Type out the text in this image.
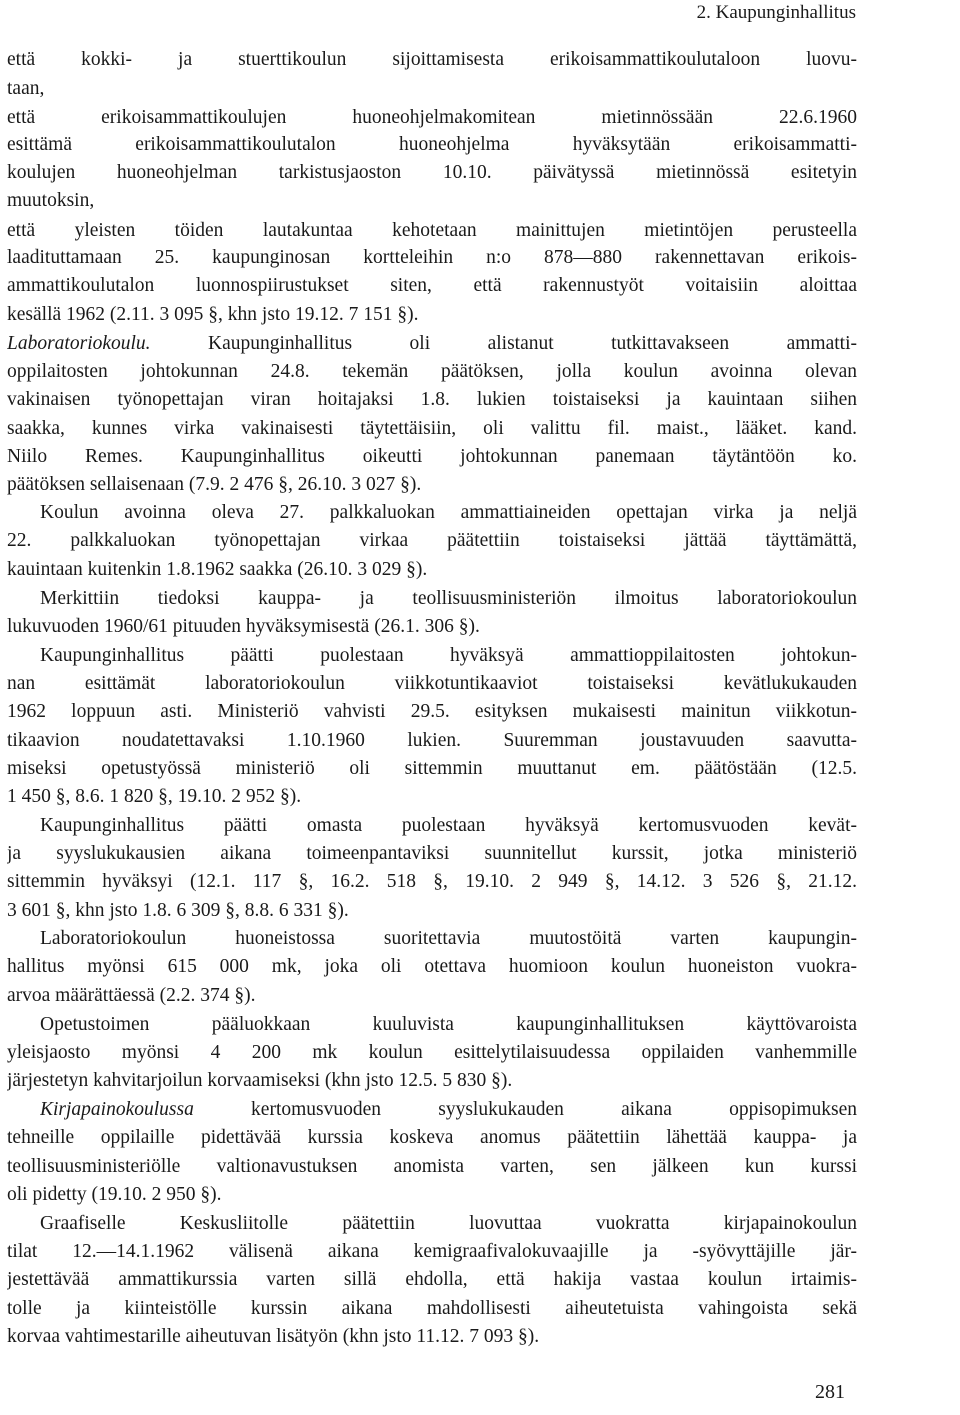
2. Kaupunginhallitus
että kokki- ja stuerttikoulun sijoittamisesta erikoisammattikoulutaloon luovu-
taan,
että erikoisammattikoulujen huoneohjelmakomitean mietinnössään 22.6.1960
esittämä erikoisammattikoulutalon huoneohjelma hyväksytään erikoisammatti-
koulujen huoneohjelman tarkistusjaoston 10.10. päivätyssä mietinnössä esitetyin
muutoksin,
että yleisten töiden lautakuntaa kehotetaan mainittujen mietintöjen perusteella
laadituttamaan 25. kaupunginosan kortteleihin n:o 878—880 rakennettavan erikois-
ammattikoulutalon luonnospiirustukset siten, että rakennustyöt voitaisiin aloittaa
kesällä 1962 (2.11. 3 095 §, khn jsto 19.12. 7 151 §).
Laboratoriokoulu. Kaupunginhallitus oli alistanut tutkittavakseen ammatti-
oppilaitosten johtokunnan 24.8. tekemän päätöksen, jolla koulun avoinna olevan
vakinaisen työnopettajan viran hoitajaksi 1.8. lukien toistaiseksi ja kauintaan siihen
saakka, kunnes virka vakinaisesti täytettäisiin, oli valittu fil. maist., lääket. kand.
Niilo Remes. Kaupunginhallitus oikeutti johtokunnan panemaan täytäntöön ko.
päätöksen sellaisenaan (7.9. 2 476 §, 26.10. 3 027 §).
Koulun avoinna oleva 27. palkkaluokan ammattiaineiden opettajan virka ja neljä
22. palkkaluokan työnopettajan virkaa päätettiin toistaiseksi jättää täyttämättä,
kauintaan kuitenkin 1.8.1962 saakka (26.10. 3 029 §).
Merkittiin tiedoksi kauppa- ja teollisuusministeriön ilmoitus laboratoriokoulun
lukuvuoden 1960/61 pituuden hyväksymisestä (26.1. 306 §).
Kaupunginhallitus päätti puolestaan hyväksyä ammattioppilaitosten johtokun-
nan esittämät laboratoriokoulun viikkotuntikaaviot toistaiseksi kevätlukukauden
1962 loppuun asti. Ministeriö vahvisti 29.5. esityksen mukaisesti mainitun viikkotun-
tikaavion noudatettavaksi 1.10.1960 lukien. Suuremman joustavuuden saavutta-
miseksi opetustyössä ministeriö oli sittemmin muuttanut em. päätöstään (12.5.
1 450 §, 8.6. 1 820 §, 19.10. 2 952 §).
Kaupunginhallitus päätti omasta puolestaan hyväksyä kertomusvuoden kevät-
ja syyslukukausien aikana toimeenpantaviksi suunnitellut kurssit, jotka ministeriö
sittemmin hyväksyi (12.1. 117 §, 16.2. 518 §, 19.10. 2 949 §, 14.12. 3 526 §, 21.12.
3 601 §, khn jsto 1.8. 6 309 §, 8.8. 6 331 §).
Laboratoriokoulun huoneistossa suoritettavia muutostöitä varten kaupungin-
hallitus myönsi 615 000 mk, joka oli otettava huomioon koulun huoneiston vuokra-
arvoa määrättäessä (2.2. 374 §).
Opetustoimen pääluokkaan kuuluvista kaupunginhallituksen käyttövaroista
yleisjaosto myönsi 4 200 mk koulun esittelytilaisuudessa oppilaiden vanhemmille
järjestetyn kahvitarjoilun korvaamiseksi (khn jsto 12.5. 5 830 §).
Kirjapainokoulussa kertomusvuoden syyslukukauden aikana oppisopimuksen
tehneille oppilaille pidettävää kurssia koskeva anomus päätettiin lähettää kauppa- ja
teollisuusministeriölle valtionavustuksen anomista varten, sen jälkeen kun kurssi
oli pidetty (19.10. 2 950 §).
Graafiselle Keskusliitolle päätettiin luovuttaa vuokratta kirjapainokoulun
tilat 12.—14.1.1962 välisenä aikana kemigraafivalokuvaajille ja -syövyttäjille jär-
jestettävää ammattikurssia varten sillä ehdolla, että hakija vastaa koulun irtaimis-
tolle ja kiinteistölle kurssin aikana mahdollisesti aiheutetuista vahingoista sekä
korvaa vahtimestarille aiheutuvan lisätyön (khn jsto 11.12. 7 093 §).
281
